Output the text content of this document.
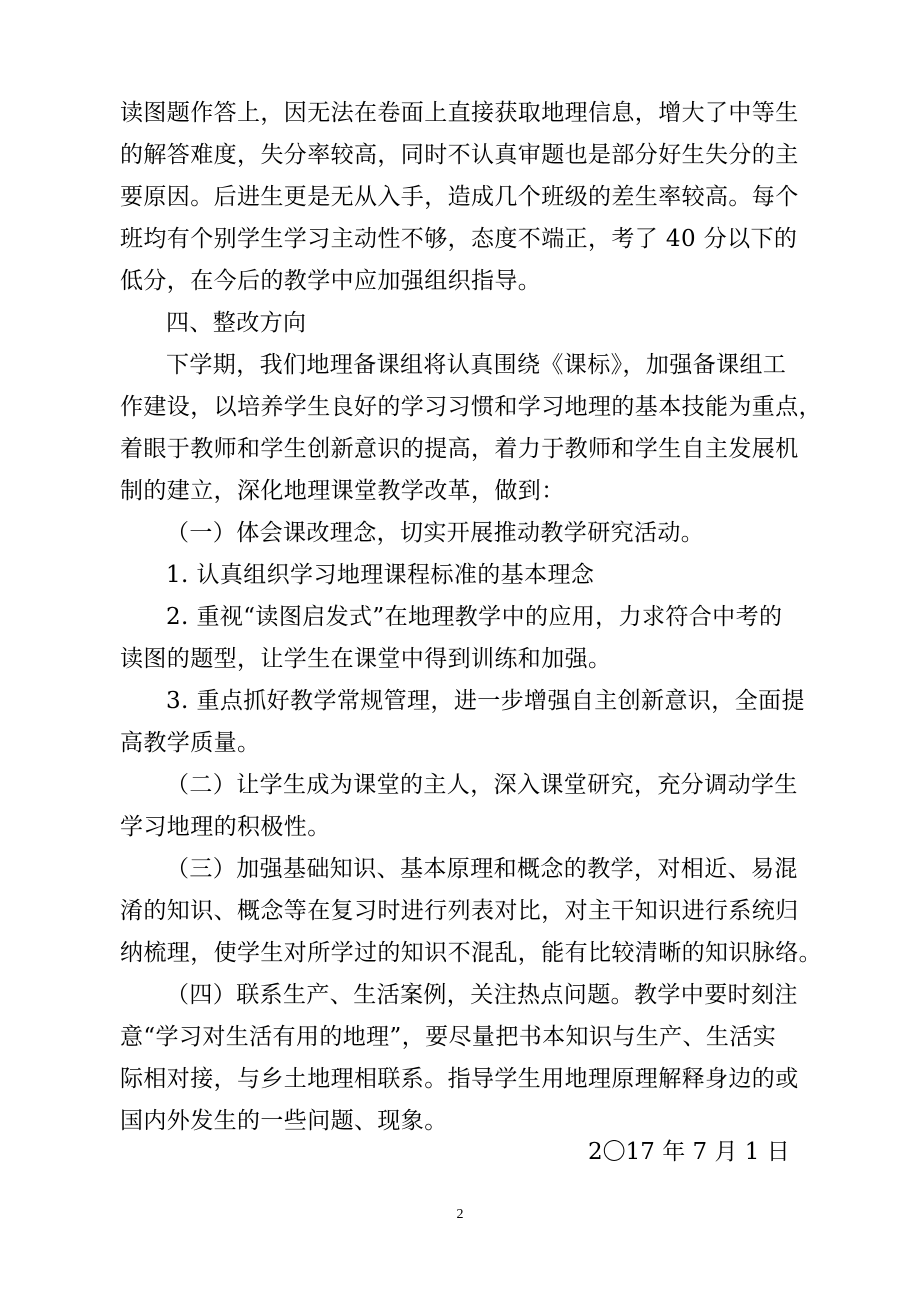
读图题作答上，因无法在卷面上直接获取地理信息，增大了中等生
的解答难度，失分率较高，同时不认真审题也是部分好生失分的主
要原因。后进生更是无从入手，造成几个班级的差生率较高。每个
班均有个别学生学习主动性不够，态度不端正，考了 40 分以下的
低分，在今后的教学中应加强组织指导。
四、整改方向
下学期，我们地理备课组将认真围绕《课标》，加强备课组工
作建设，以培养学生良好的学习习惯和学习地理的基本技能为重点，
着眼于教师和学生创新意识的提高，着力于教师和学生自主发展机
制的建立，深化地理课堂教学改革，做到：
（一）体会课改理念，切实开展推动教学研究活动。
1. 认真组织学习地理课程标准的基本理念
2. 重视“读图启发式”在地理教学中的应用，力求符合中考的
读图的题型，让学生在课堂中得到训练和加强。
3. 重点抓好教学常规管理，进一步增强自主创新意识，全面提
高教学质量。
（二）让学生成为课堂的主人，深入课堂研究，充分调动学生
学习地理的积极性。
（三）加强基础知识、基本原理和概念的教学，对相近、易混
淆的知识、概念等在复习时进行列表对比，对主干知识进行系统归
纳梳理，使学生对所学过的知识不混乱，能有比较清晰的知识脉络。
（四）联系生产、生活案例，关注热点问题。教学中要时刻注
意“学习对生活有用的地理”，要尽量把书本知识与生产、生活实
际相对接，与乡土地理相联系。指导学生用地理原理解释身边的或
国内外发生的一些问题、现象。
2〇17 年 7 月 1 日
2
